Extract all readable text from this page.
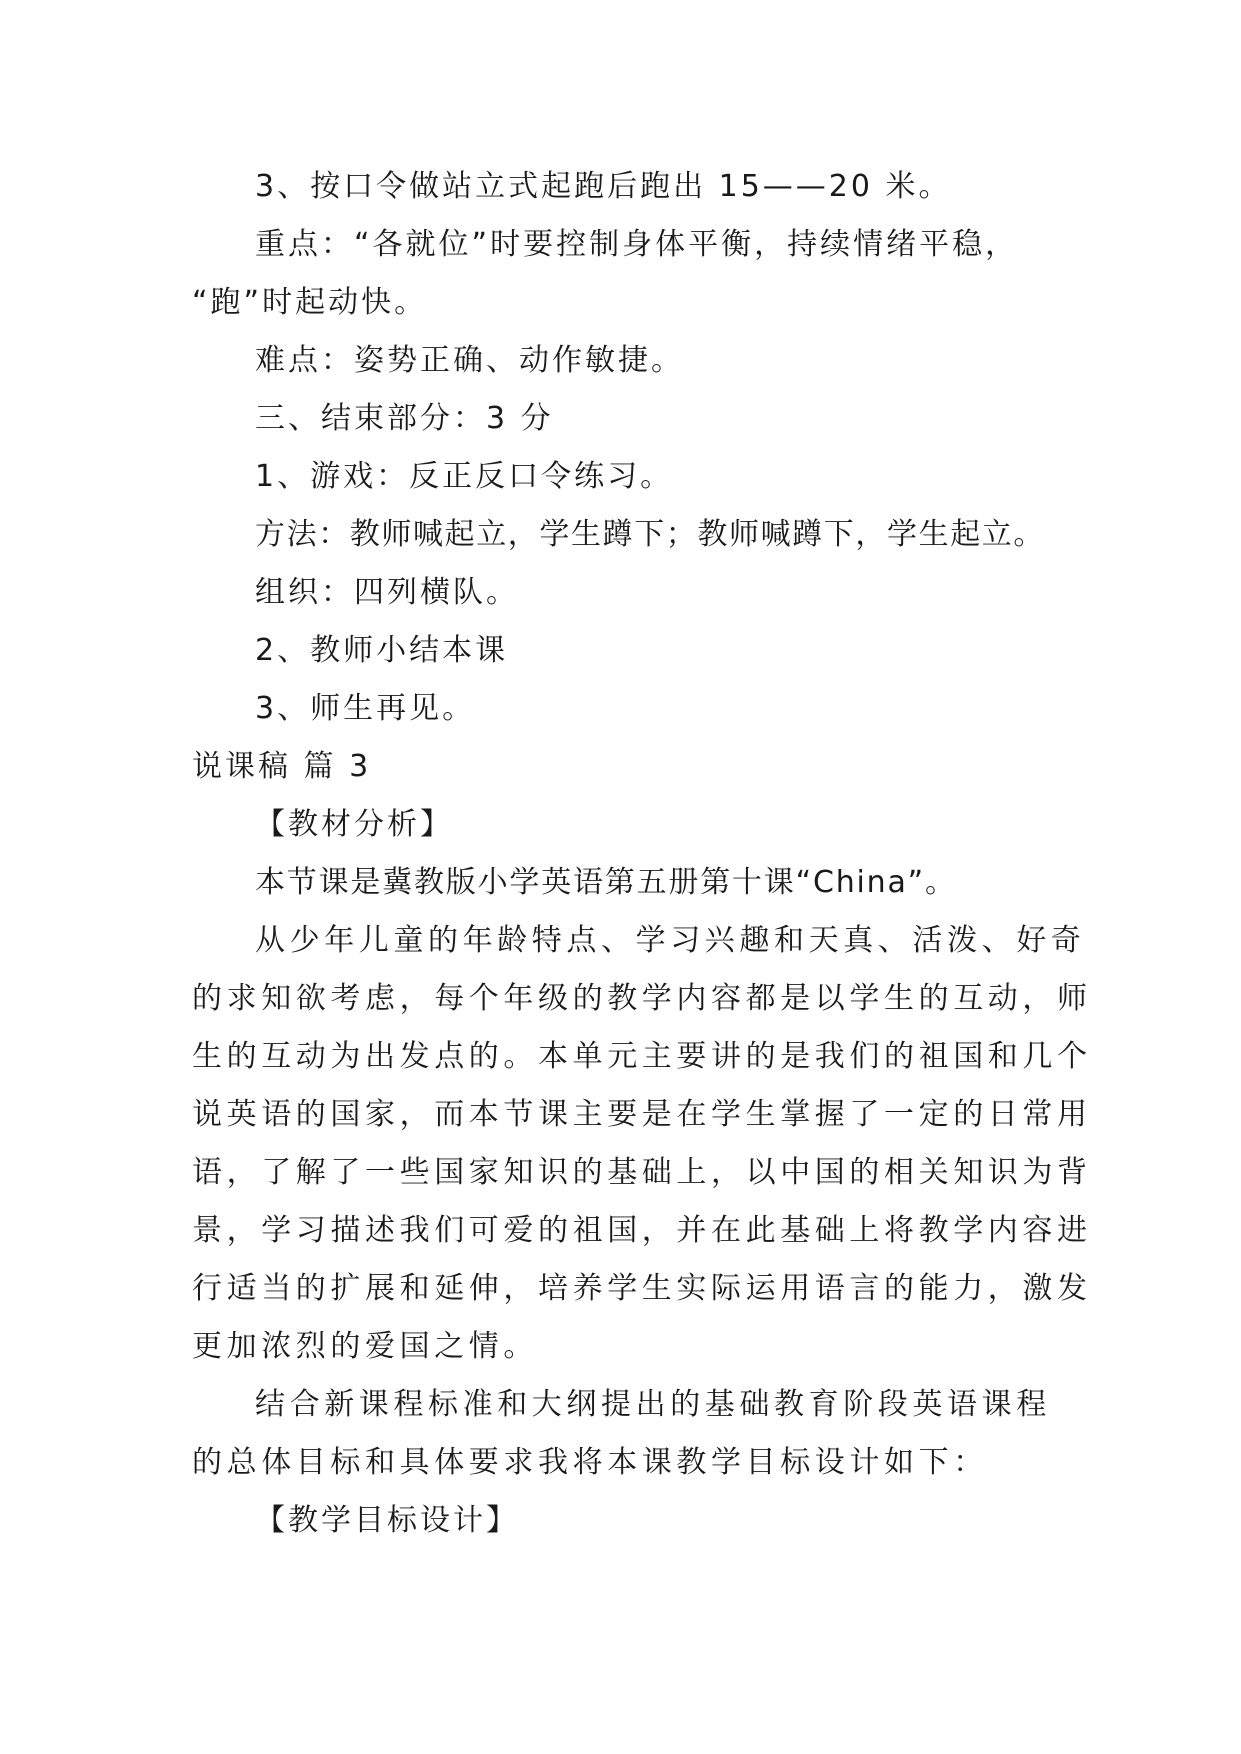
3、按口令做站立式起跑后跑出 15——20 米。
重点：“各就位”时要控制身体平衡，持续情绪平稳，
“跑”时起动快。
难点：姿势正确、动作敏捷。
三、结束部分：3 分
1、游戏：反正反口令练习。
方法：教师喊起立，学生蹲下；教师喊蹲下，学生起立。
组织：四列横队。
2、教师小结本课
3、师生再见。
说课稿 篇 3
【教材分析】
本节课是冀教版小学英语第五册第十课“China”。
从少年儿童的年龄特点、学习兴趣和天真、活泼、好奇
的求知欲考虑，每个年级的教学内容都是以学生的互动，师
生的互动为出发点的。本单元主要讲的是我们的祖国和几个
说英语的国家，而本节课主要是在学生掌握了一定的日常用
语，了解了一些国家知识的基础上，以中国的相关知识为背
景，学习描述我们可爱的祖国，并在此基础上将教学内容进
行适当的扩展和延伸，培养学生实际运用语言的能力，激发
更加浓烈的爱国之情。
结合新课程标准和大纲提出的基础教育阶段英语课程
的总体目标和具体要求我将本课教学目标设计如下：
【教学目标设计】
